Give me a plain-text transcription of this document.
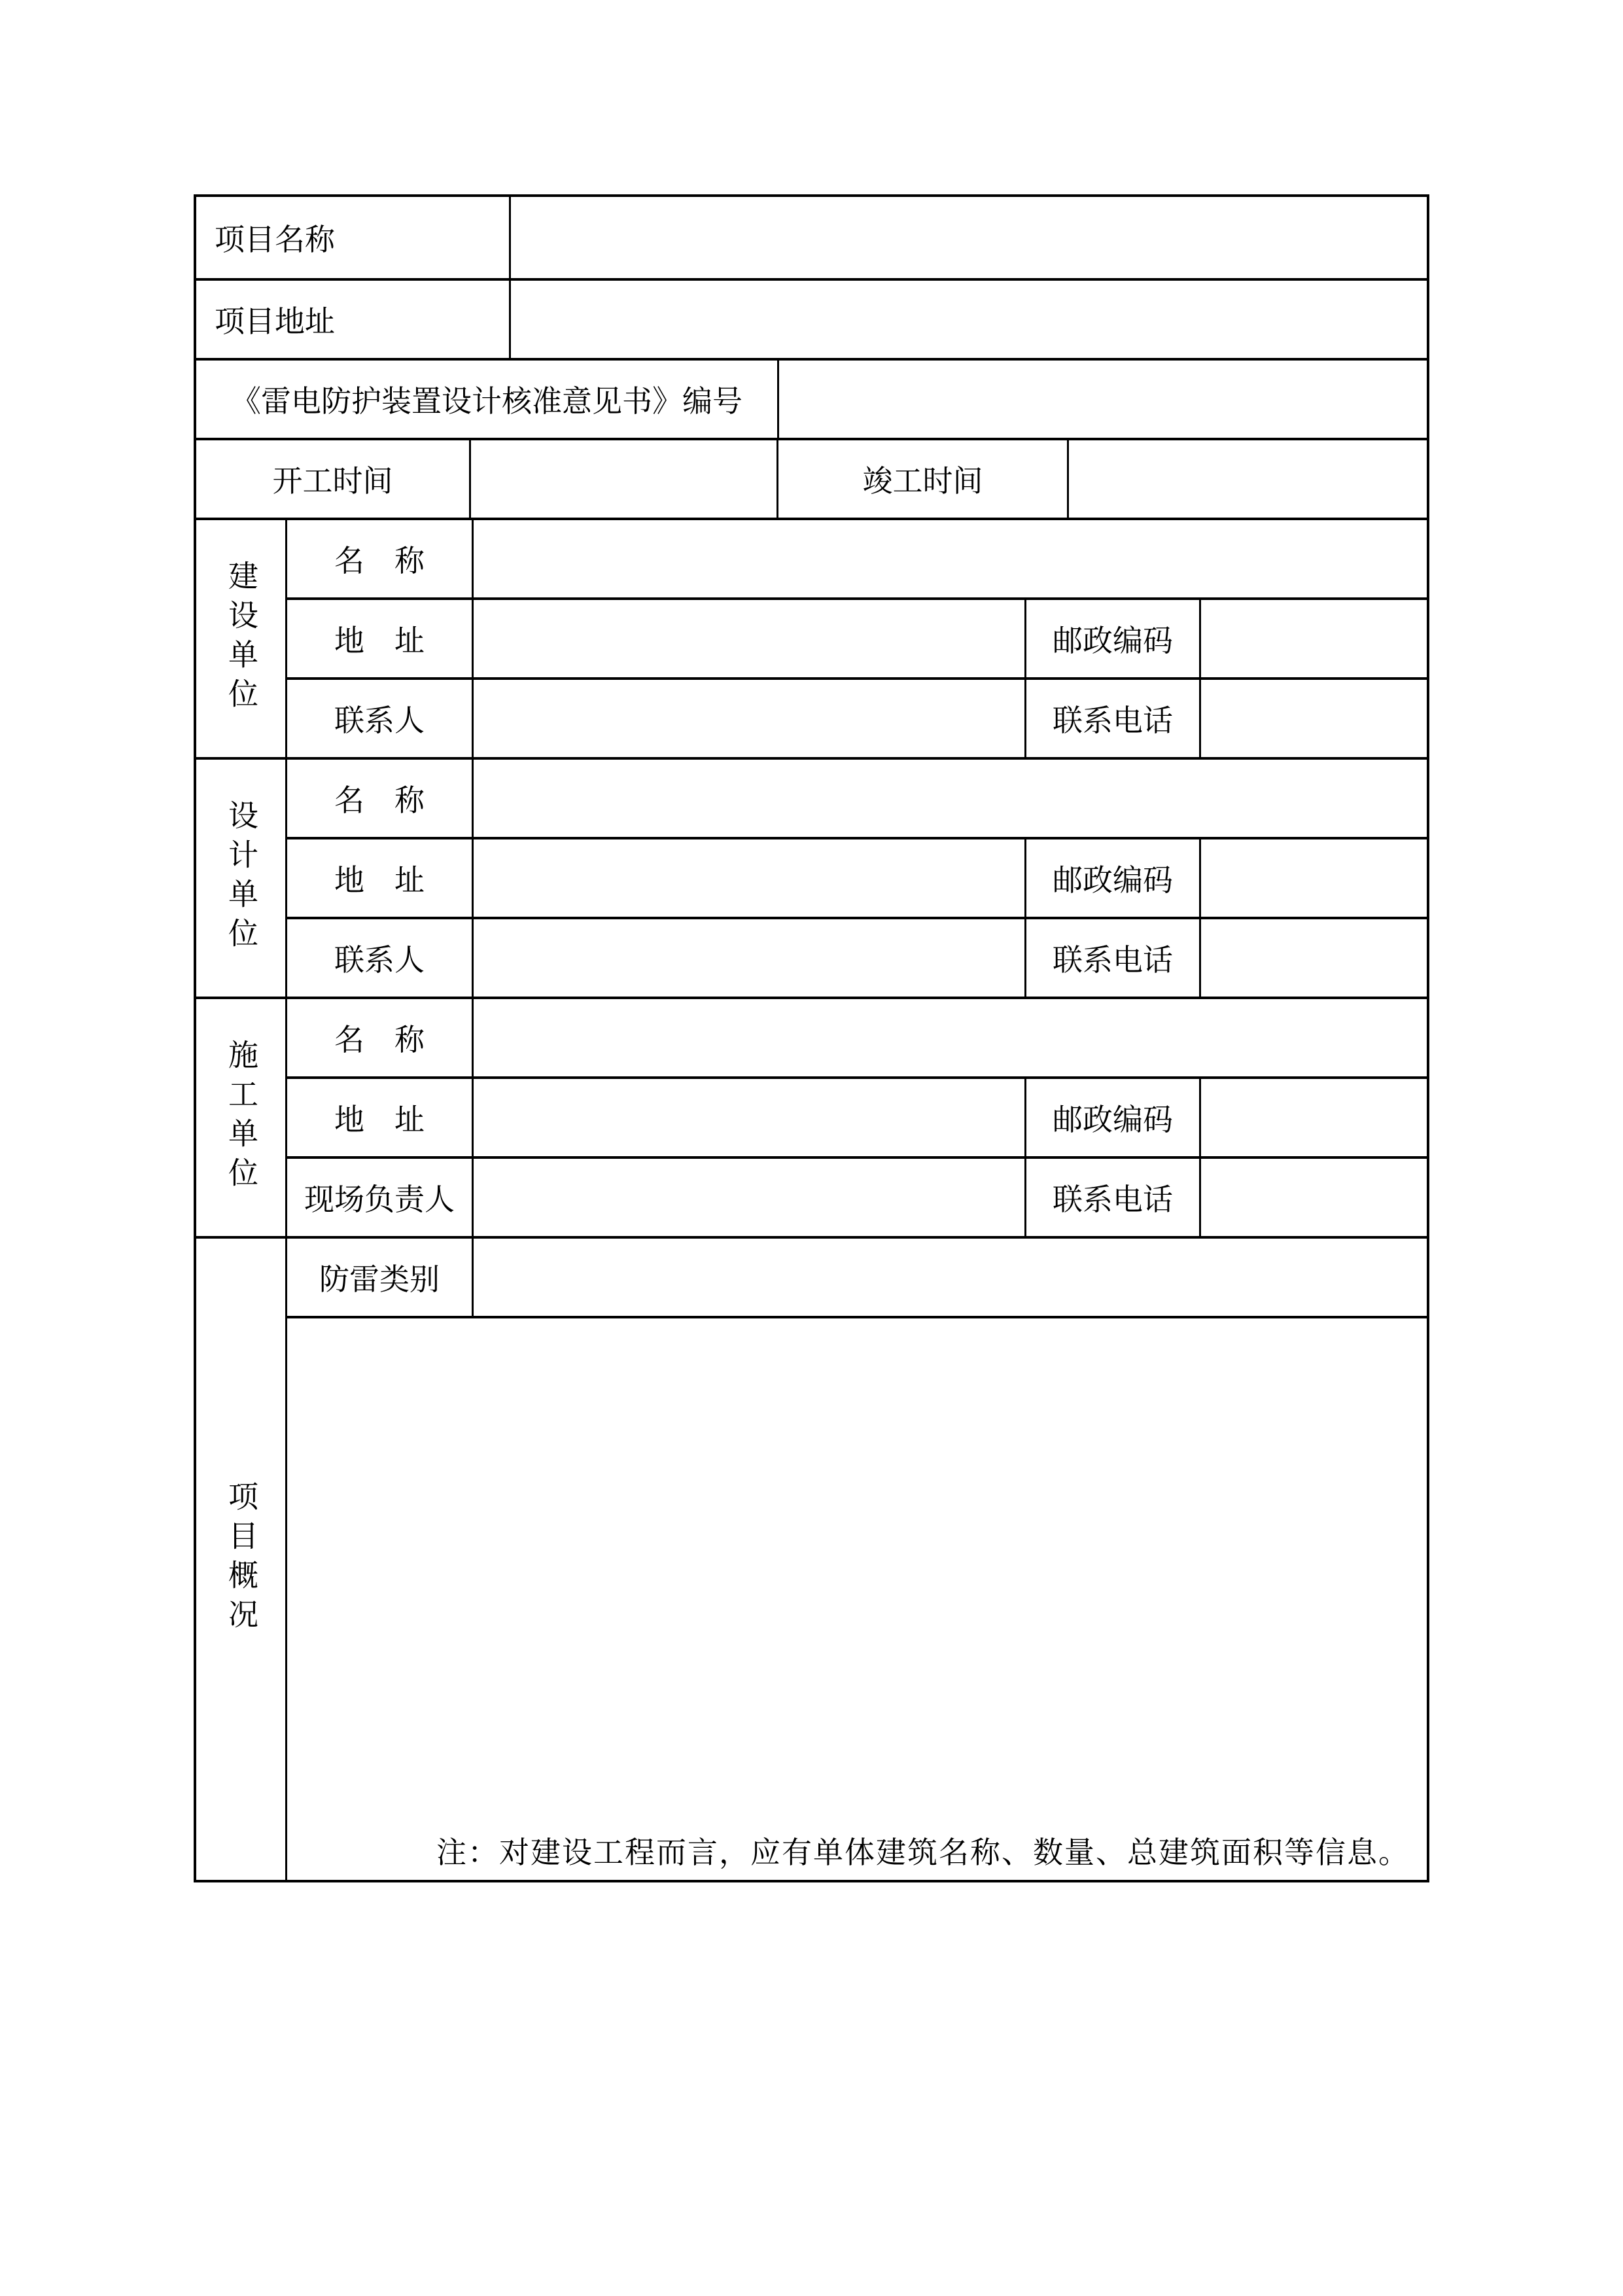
项目名称
项目地址
《雷电防护装置设计核准意见书》编号
开工时间	竣工时间
建设单位	名　称
地　址	邮政编码
联系人	联系电话
设计单位	名　称
地　址	邮政编码
联系人	联系电话
施工单位	名　称
地　址	邮政编码
现场负责人	联系电话
项目概况
防雷类别
注：对建设工程而言，应有单体建筑名称、数量、总建筑面积等信息。
